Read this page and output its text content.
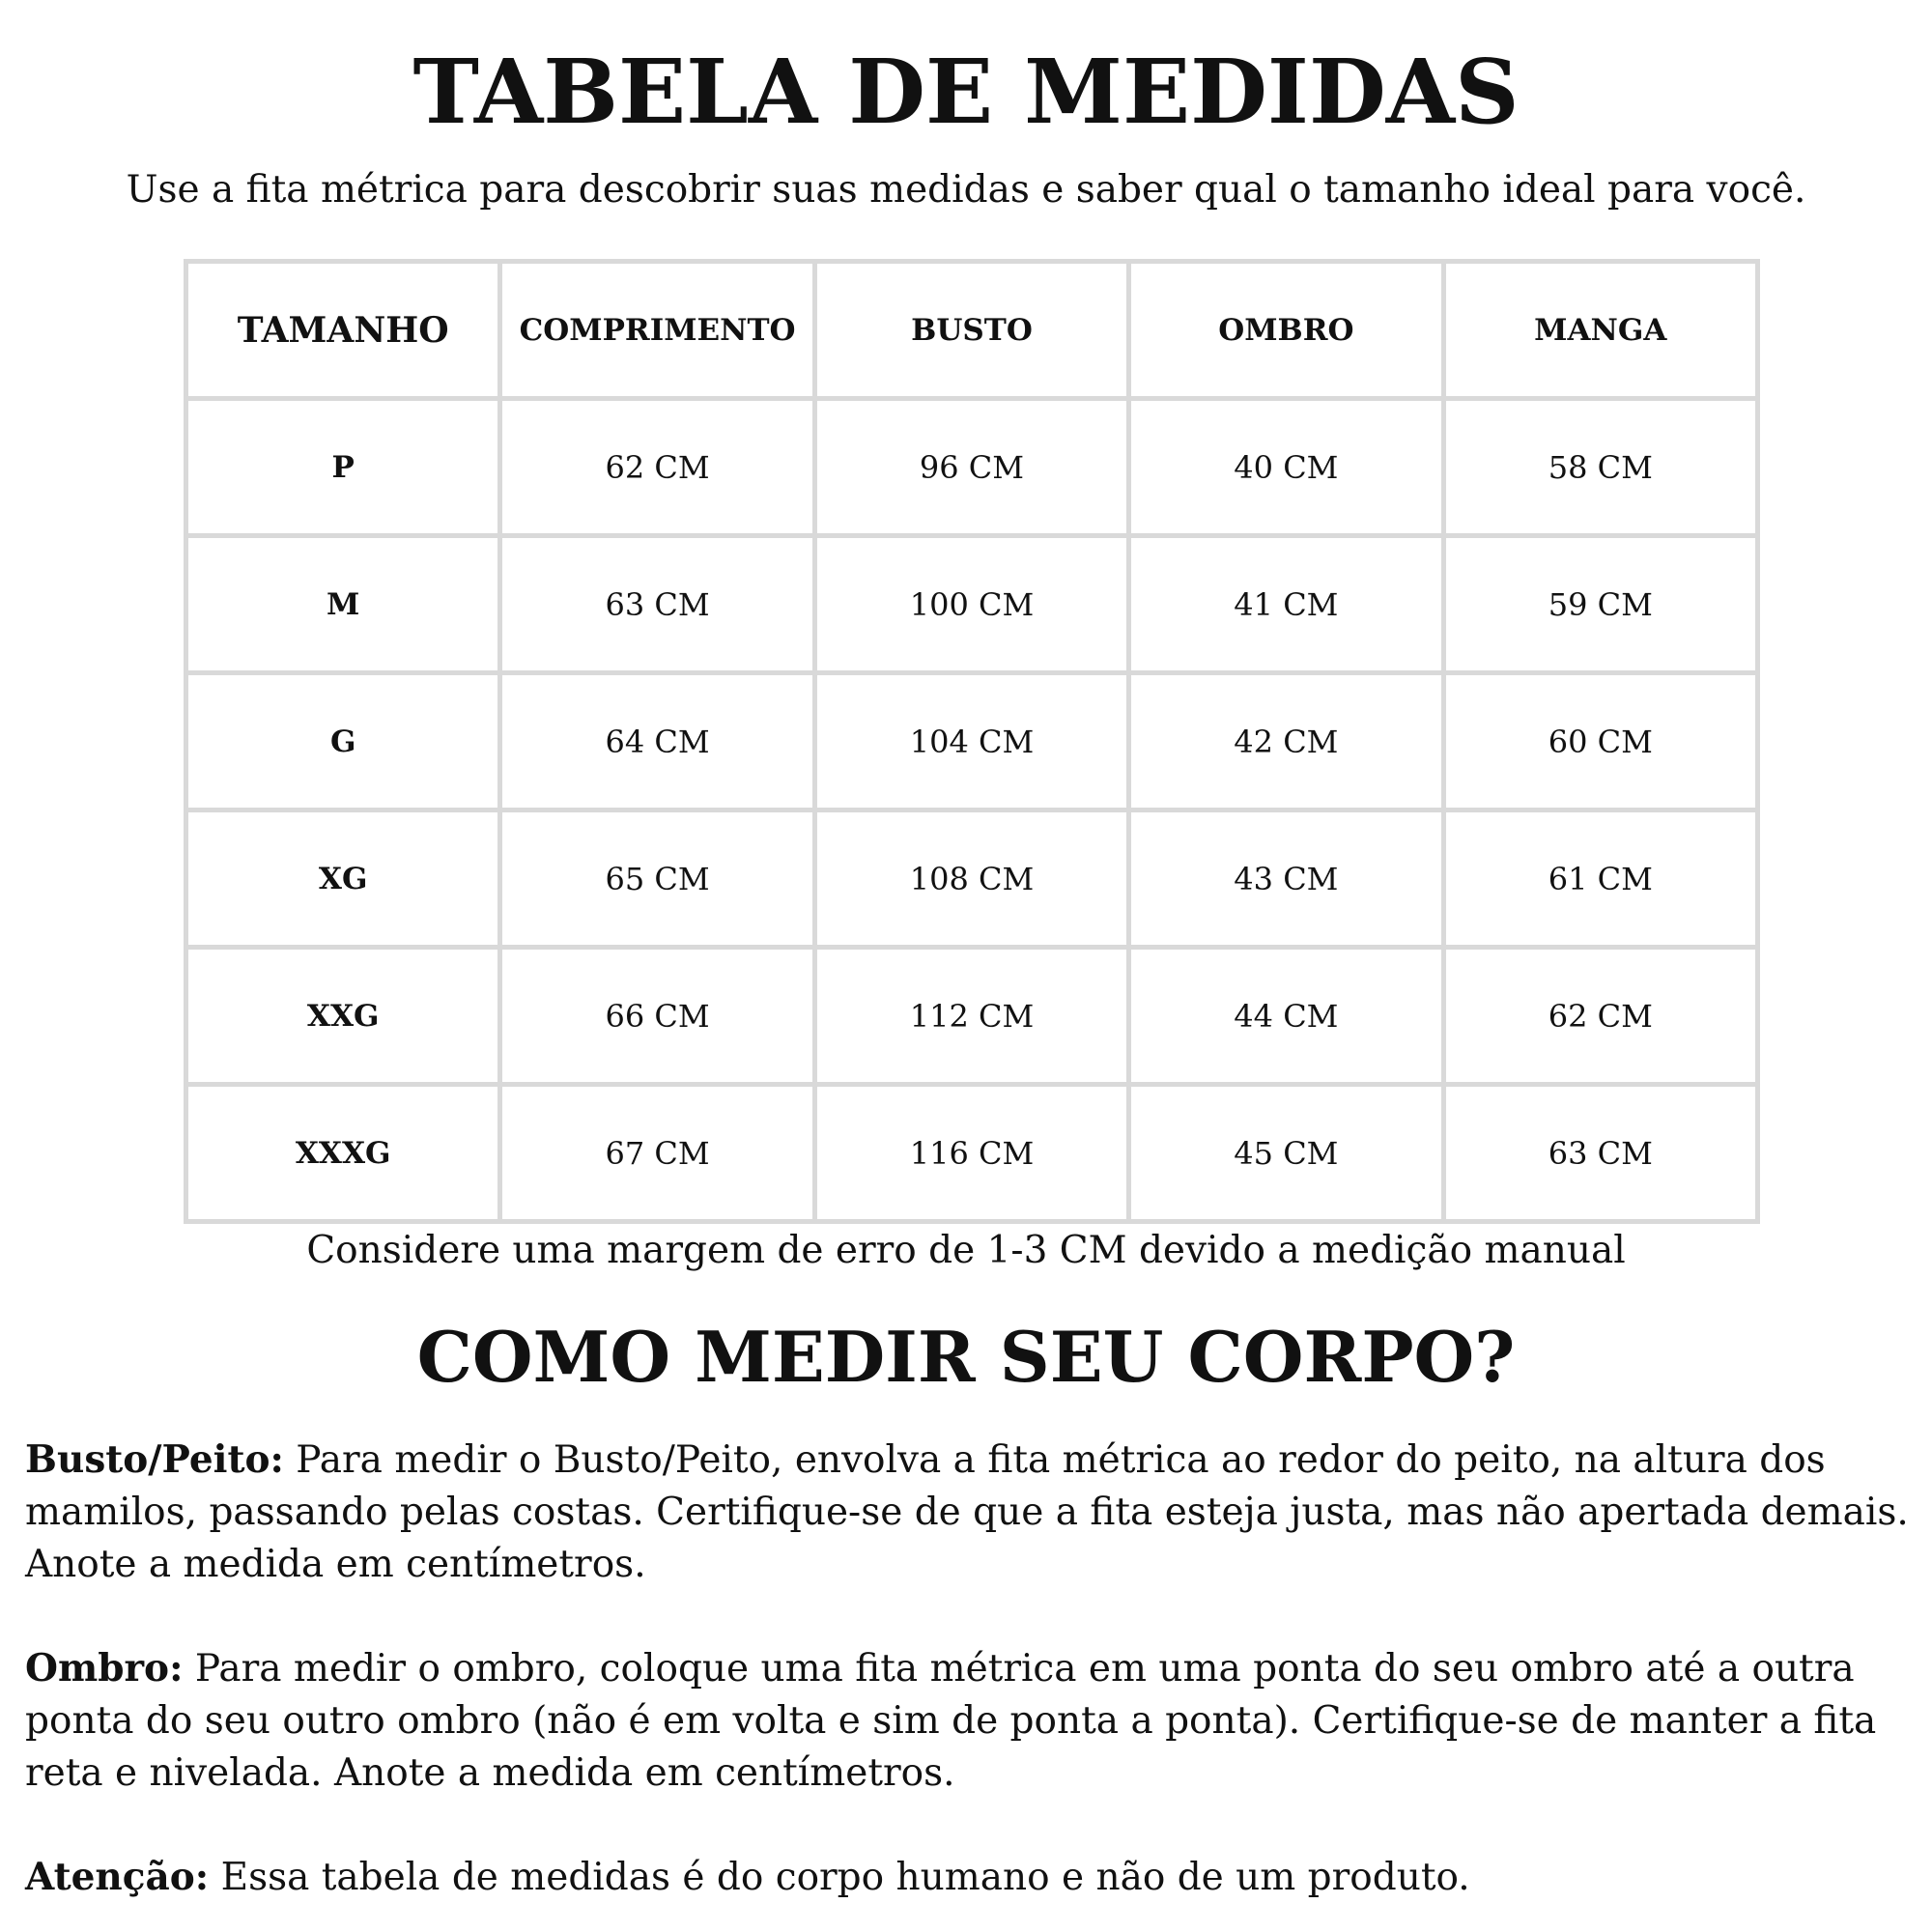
TABELA DE MEDIDAS

Use a fita métrica para descobrir suas medidas e saber qual o tamanho ideal para você.

TAMANHO	COMPRIMENTO	BUSTO	OMBRO	MANGA
P	62 CM	96 CM	40 CM	58 CM
M	63 CM	100 CM	41 CM	59 CM
G	64 CM	104 CM	42 CM	60 CM
XG	65 CM	108 CM	43 CM	61 CM
XXG	66 CM	112 CM	44 CM	62 CM
XXXG	67 CM	116 CM	45 CM	63 CM

Considere uma margem de erro de 1-3 CM devido a medição manual

COMO MEDIR SEU CORPO?

Busto/Peito: Para medir o Busto/Peito, envolva a fita métrica ao redor do peito, na altura dos mamilos, passando pelas costas. Certifique-se de que a fita esteja justa, mas não apertada demais. Anote a medida em centímetros.

Ombro: Para medir o ombro, coloque uma fita métrica em uma ponta do seu ombro até a outra ponta do seu outro ombro (não é em volta e sim de ponta a ponta). Certifique-se de manter a fita reta e nivelada. Anote a medida em centímetros.

Atenção: Essa tabela de medidas é do corpo humano e não de um produto.
